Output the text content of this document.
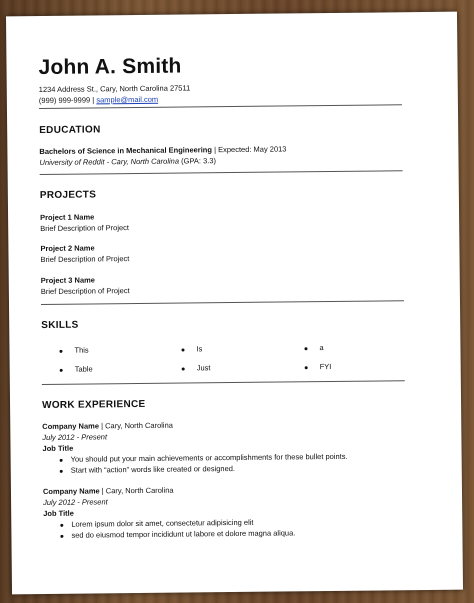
John A. Smith
1234 Address St., Cary, North Carolina 27511
(999) 999-9999 | sample@mail.com
EDUCATION
Bachelors of Science in Mechanical Engineering | Expected: May 2013
University of Reddit - Cary, North Carolina (GPA: 3.3)
PROJECTS
Project 1 Name
Brief Description of Project
Project 2 Name
Brief Description of Project
Project 3 Name
Brief Description of Project
SKILLS
This	Is	a
Table	Just	FYI
WORK EXPERIENCE
Company Name | Cary, North Carolina
July 2012 - Present
Job Title
You should put your main achievements or accomplishments for these bullet points.
Start with “action” words like created or designed.
Company Name | Cary, North Carolina
July 2012 - Present
Job Title
Lorem ipsum dolor sit amet, consectetur adipisicing elit
sed do eiusmod tempor incididunt ut labore et dolore magna aliqua.
